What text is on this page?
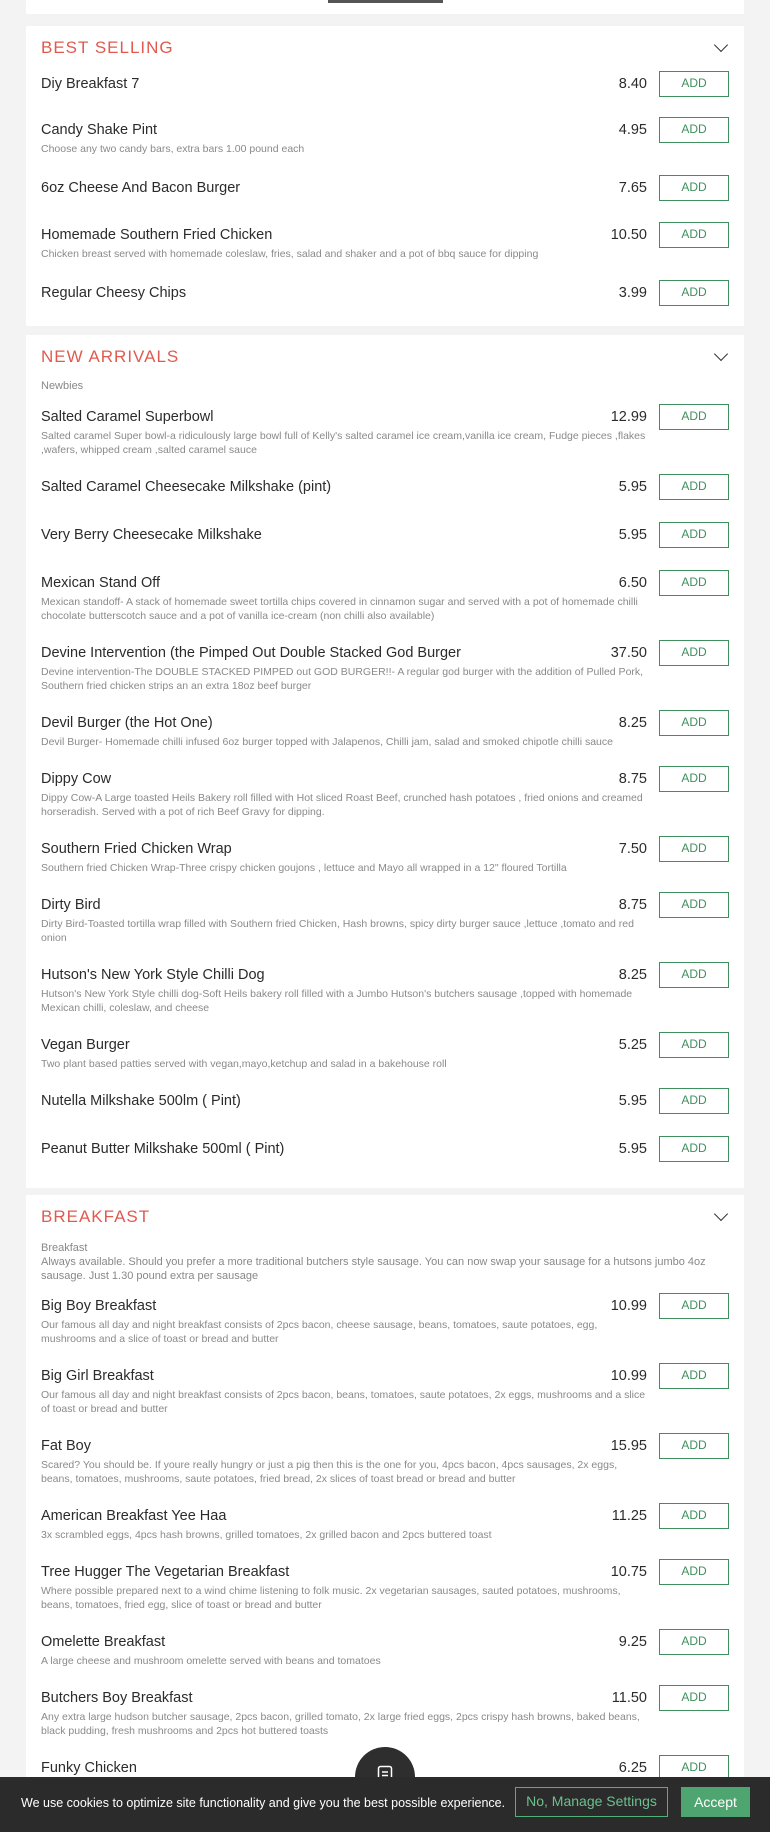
BEST SELLING
Diy Breakfast 7	8.40	ADD
Candy Shake Pint
Choose any two candy bars, extra bars 1.00 pound each
4.95	ADD
6oz Cheese And Bacon Burger	7.65	ADD
Homemade Southern Fried Chicken
Chicken breast served with homemade coleslaw, fries, salad and shaker and a pot of bbq sauce for dipping
10.50	ADD
Regular Cheesy Chips	3.99	ADD
NEW ARRIVALS
Newbies
Salted Caramel Superbowl
Salted caramel Super bowl-a ridiculously large bowl full of Kelly's salted caramel ice cream,vanilla ice cream, Fudge pieces ,flakes ,wafers, whipped cream ,salted caramel sauce
12.99	ADD
Salted Caramel Cheesecake Milkshake (pint)	5.95	ADD
Very Berry Cheesecake Milkshake	5.95	ADD
Mexican Stand Off
Mexican standoff- A stack of homemade sweet tortilla chips covered in cinnamon sugar and served with a pot of homemade chilli chocolate butterscotch sauce and a pot of vanilla ice-cream (non chilli also available)
6.50	ADD
Devine Intervention (the Pimped Out Double Stacked God Burger
Devine intervention-The DOUBLE STACKED PIMPED out GOD BURGER!!- A regular god burger with the addition of Pulled Pork, Southern fried chicken strips an an extra 18oz beef burger
37.50	ADD
Devil Burger (the Hot One)
Devil Burger- Homemade chilli infused 6oz burger topped with Jalapenos, Chilli jam, salad and smoked chipotle chilli sauce
8.25	ADD
Dippy Cow
Dippy Cow-A Large toasted Heils Bakery roll filled with Hot sliced Roast Beef, crunched hash potatoes , fried onions and creamed horseradish. Served with a pot of rich Beef Gravy for dipping.
8.75	ADD
Southern Fried Chicken Wrap
Southern fried Chicken Wrap-Three crispy chicken goujons , lettuce and Mayo all wrapped in a 12" floured Tortilla
7.50	ADD
Dirty Bird
Dirty Bird-Toasted tortilla wrap filled with Southern fried Chicken, Hash browns, spicy dirty burger sauce ,lettuce ,tomato and red onion
8.75	ADD
Hutson's New York Style Chilli Dog
Hutson's New York Style chilli dog-Soft Heils bakery roll filled with a Jumbo Hutson's butchers sausage ,topped with homemade Mexican chilli, coleslaw, and cheese
8.25	ADD
Vegan Burger
Two plant based patties served with vegan,mayo,ketchup and salad in a bakehouse roll
5.25	ADD
Nutella Milkshake 500lm ( Pint)	5.95	ADD
Peanut Butter Milkshake 500ml ( Pint)	5.95	ADD
BREAKFAST
Breakfast
Always available. Should you prefer a more traditional butchers style sausage. You can now swap your sausage for a hutsons jumbo 4oz sausage. Just 1.30 pound extra per sausage
Big Boy Breakfast
Our famous all day and night breakfast consists of 2pcs bacon, cheese sausage, beans, tomatoes, saute potatoes, egg, mushrooms and a slice of toast or bread and butter
10.99	ADD
Big Girl Breakfast
Our famous all day and night breakfast consists of 2pcs bacon, beans, tomatoes, saute potatoes, 2x eggs, mushrooms and a slice of toast or bread and butter
10.99	ADD
Fat Boy
Scared? You should be. If youre really hungry or just a pig then this is the one for you, 4pcs bacon, 4pcs sausages, 2x eggs, beans, tomatoes, mushrooms, saute potatoes, fried bread, 2x slices of toast bread or bread and butter
15.95	ADD
American Breakfast Yee Haa
3x scrambled eggs, 4pcs hash browns, grilled tomatoes, 2x grilled bacon and 2pcs buttered toast
11.25	ADD
Tree Hugger The Vegetarian Breakfast
Where possible prepared next to a wind chime listening to folk music. 2x vegetarian sausages, sauted potatoes, mushrooms, beans, tomatoes, fried egg, slice of toast or bread and butter
10.75	ADD
Omelette Breakfast
A large cheese and mushroom omelette served with beans and tomatoes
9.25	ADD
Butchers Boy Breakfast
Any extra large hudson butcher sausage, 2pcs bacon, grilled tomato, 2x large fried eggs, 2pcs crispy hash browns, baked beans, black pudding, fresh mushrooms and 2pcs hot buttered toasts
11.50	ADD
Funky Chicken	6.25	ADD
We use cookies to optimize site functionality and give you the best possible experience.	No, Manage Settings	Accept
